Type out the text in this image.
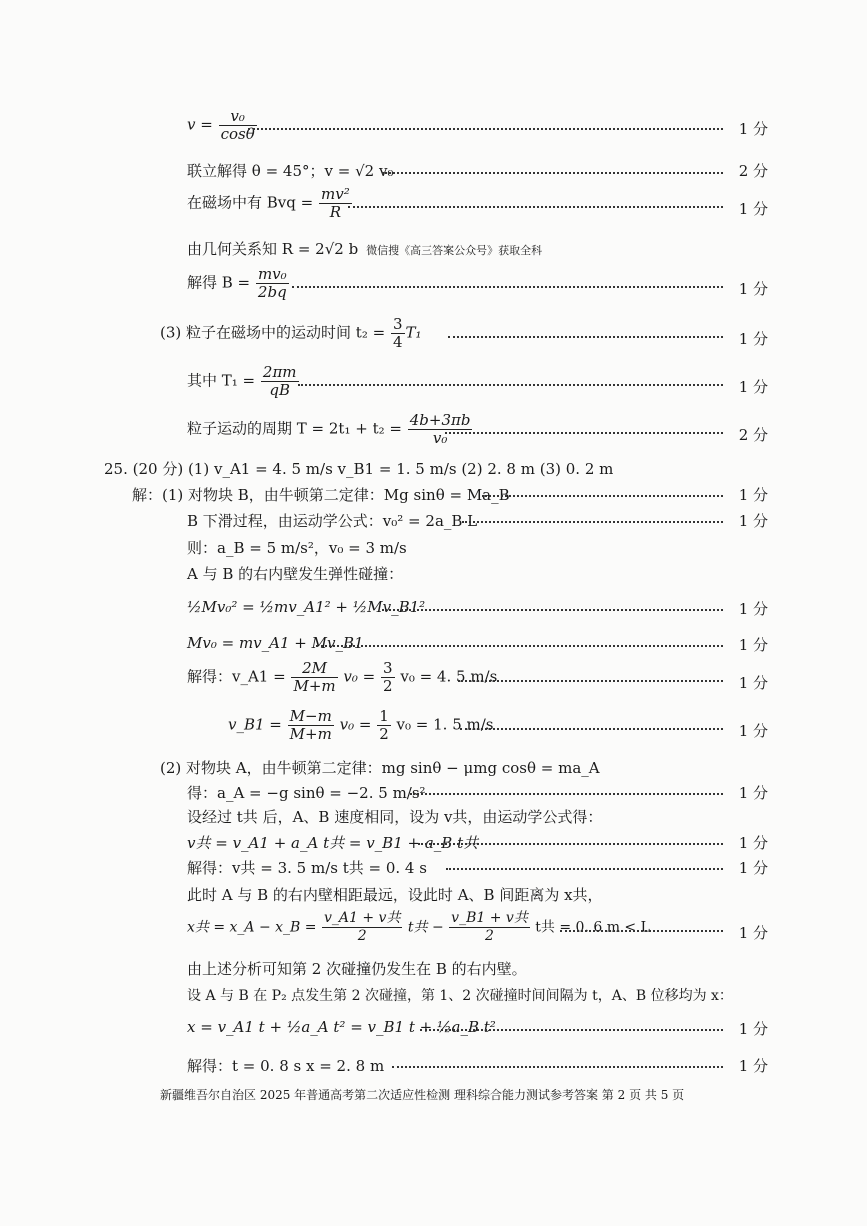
$v = \frac{\text{v₀}}{\cos\theta}$	1 分
联立解得 θ = 45°；v = √2 v₀	2 分
在磁场中有 Bvq = $\frac{\text{mv²}}{R}$	1 分
由几何关系知 R = 2√2 b 微信搜《高三答案公众号》获取全科
解得 $B = \frac{\text{mv₀}}{2bq}$	1 分
(3) 粒子在磁场中的运动时间 $t_2 = \frac{3}{4} T_1$	1 分
其中 $T_1 = \frac{2\pi m}{qB}$	1 分
粒子运动的周期 $T = 2t_1 + t_2 = \frac{4b+3\pi b}{\text{v₀}}$	2 分
25. (20 分) (1) v_A1 = 4. 5 m/s v_B1 = 1. 5 m/s (2) 2. 8 m (3) 0. 2 m
解：(1) 对物块 B，由牛顿第二定律：Mg sinθ = Ma_B	1 分
B 下滑过程，由运动学公式：v₀² = 2a_B L	1 分
则：a_B = 5 m/s²，v₀ = 3 m/s
A 与 B 的右内壁发生弹性碰撞：
½Mv₀² = ½mv_A1² + ½Mv_B1²	1 分
Mv₀ = mv_A1 + Mv_B1	1 分
解得：v_A1 = $\frac{2M}{M+m} v_0 = \frac{3}{2} v_0 = 4$. 5 m/s	1 分
v_B1 = $\frac{M-m}{M+m} v_0 = \frac{1}{2} v_0 = 1$. 5 m/s	1 分
(2) 对物块 A，由牛顿第二定律：mg sinθ − μmg cosθ = ma_A
得：a_A = −g sinθ = −2. 5 m/s²	1 分
设经过 t共 后，A、B 速度相同，设为 v共，由运动学公式得：
v共 = v_A1 + a_A t共 = v_B1 + a_B t共	1 分
解得：v共 = 3. 5 m/s t共 = 0. 4 s	1 分
此时 A 与 B 的右内壁相距最远，设此时 A、B 间距离为 x共，
x共 = x_A − x_B = $\frac{\text{v\_A1 + v共}}{2}$ t共 − $\frac{\text{v\_B1 + v共}}{2}$ t共 = 0. 6 m < L	1 分
由上述分析可知第 2 次碰撞仍发生在 B 的右内壁。
设 A 与 B 在 P₂ 点发生第 2 次碰撞，第 1、2 次碰撞时间间隔为 t，A、B 位移均为 x：
x = v_A1 t + ½a_A t² = v_B1 t + ½a_B t²	1 分
解得：t = 0. 8 s x = 2. 8 m	1 分
新疆维吾尔自治区 2025 年普通高考第二次适应性检测 理科综合能力测试参考答案 第 2 页 共 5 页
